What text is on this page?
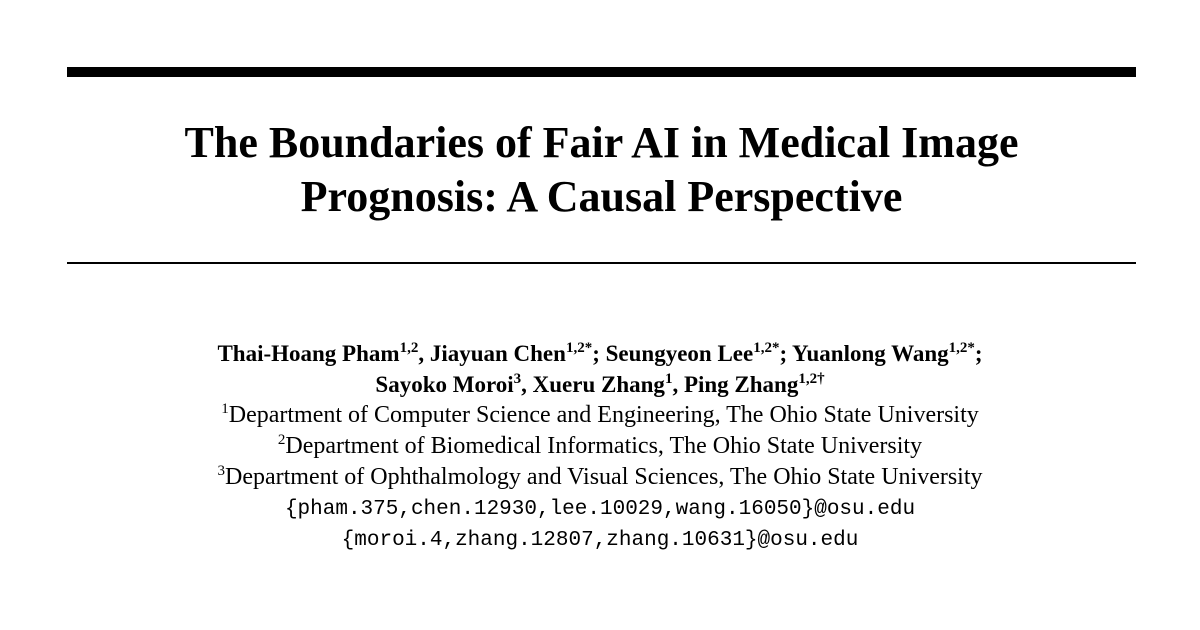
The Boundaries of Fair AI in Medical Image
Prognosis: A Causal Perspective
Thai-Hoang Pham$^{1,2}$, Jiayuan Chen$^{1,2*}$; Seungyeon Lee$^{1,2*}$; Yuanlong Wang$^{1,2*}$;
Sayoko Moroi$^3$, Xueru Zhang$^1$, Ping Zhang$^{1,2\dagger}$
$^1$Department of Computer Science and Engineering, The Ohio State University
$^2$Department of Biomedical Informatics, The Ohio State University
$^3$Department of Ophthalmology and Visual Sciences, The Ohio State University
{pham.375,chen.12930,lee.10029,wang.16050}@osu.edu
{moroi.4,zhang.12807,zhang.10631}@osu.edu
